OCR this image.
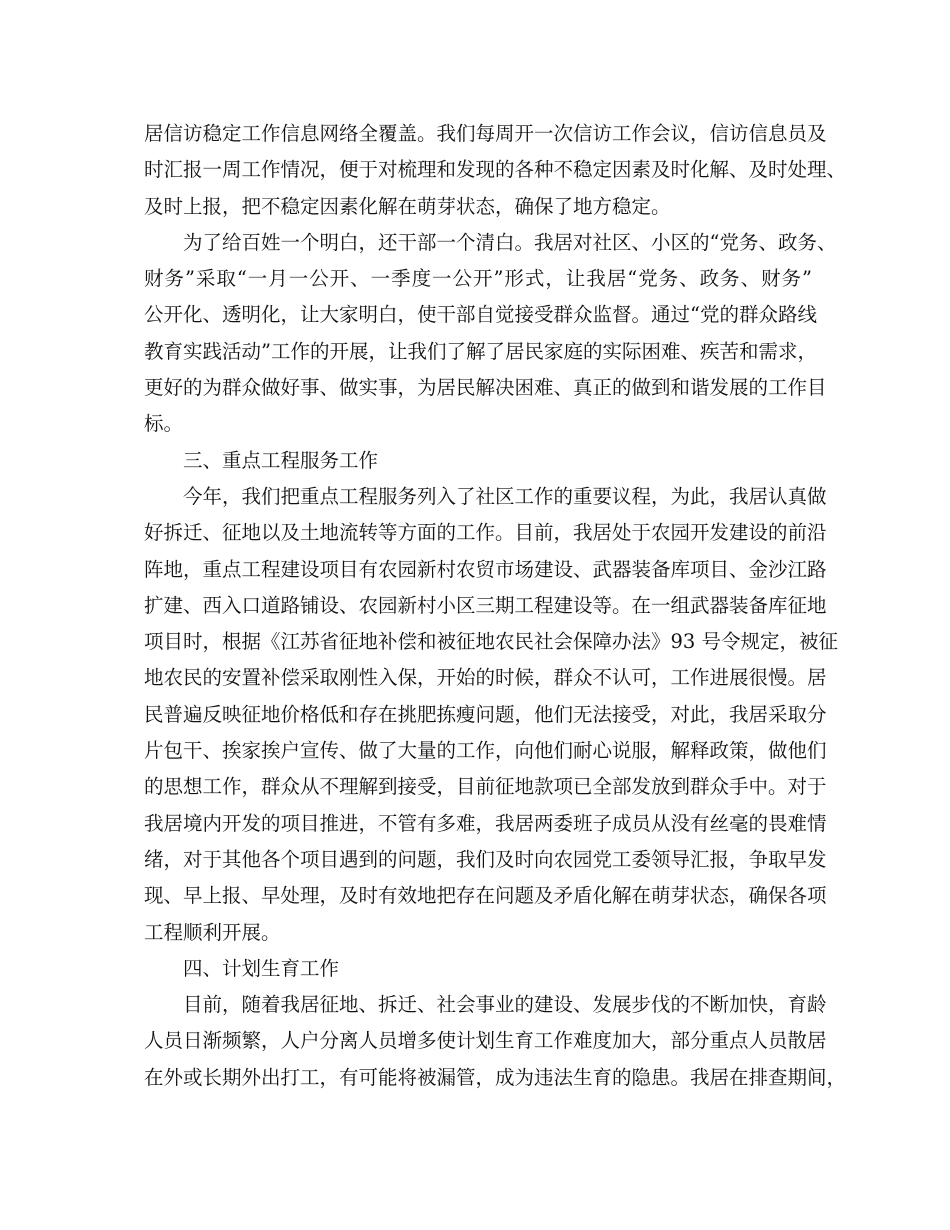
居信访稳定工作信息网络全覆盖。我们每周开一次信访工作会议，信访信息员及
时汇报一周工作情况，便于对梳理和发现的各种不稳定因素及时化解、及时处理、
及时上报，把不稳定因素化解在萌芽状态，确保了地方稳定。
为了给百姓一个明白，还干部一个清白。我居对社区、小区的“党务、政务、
财务”采取“一月一公开、一季度一公开”形式，让我居“党务、政务、财务”
公开化、透明化，让大家明白，使干部自觉接受群众监督。通过“党的群众路线
教育实践活动”工作的开展，让我们了解了居民家庭的实际困难、疾苦和需求，
更好的为群众做好事、做实事，为居民解决困难、真正的做到和谐发展的工作目
标。
三、重点工程服务工作
今年，我们把重点工程服务列入了社区工作的重要议程，为此，我居认真做
好拆迁、征地以及土地流转等方面的工作。目前，我居处于农园开发建设的前沿
阵地，重点工程建设项目有农园新村农贸市场建设、武器装备库项目、金沙江路
扩建、西入口道路铺设、农园新村小区三期工程建设等。在一组武器装备库征地
项目时，根据《江苏省征地补偿和被征地农民社会保障办法》93 号令规定，被征
地农民的安置补偿采取刚性入保，开始的时候，群众不认可，工作进展很慢。居
民普遍反映征地价格低和存在挑肥拣瘦问题，他们无法接受，对此，我居采取分
片包干、挨家挨户宣传、做了大量的工作，向他们耐心说服，解释政策，做他们
的思想工作，群众从不理解到接受，目前征地款项已全部发放到群众手中。对于
我居境内开发的项目推进，不管有多难，我居两委班子成员从没有丝毫的畏难情
绪，对于其他各个项目遇到的问题，我们及时向农园党工委领导汇报，争取早发
现、早上报、早处理，及时有效地把存在问题及矛盾化解在萌芽状态，确保各项
工程顺利开展。
四、计划生育工作
目前，随着我居征地、拆迁、社会事业的建设、发展步伐的不断加快，育龄
人员日渐频繁，人户分离人员增多使计划生育工作难度加大，部分重点人员散居
在外或长期外出打工，有可能将被漏管，成为违法生育的隐患。我居在排查期间，
